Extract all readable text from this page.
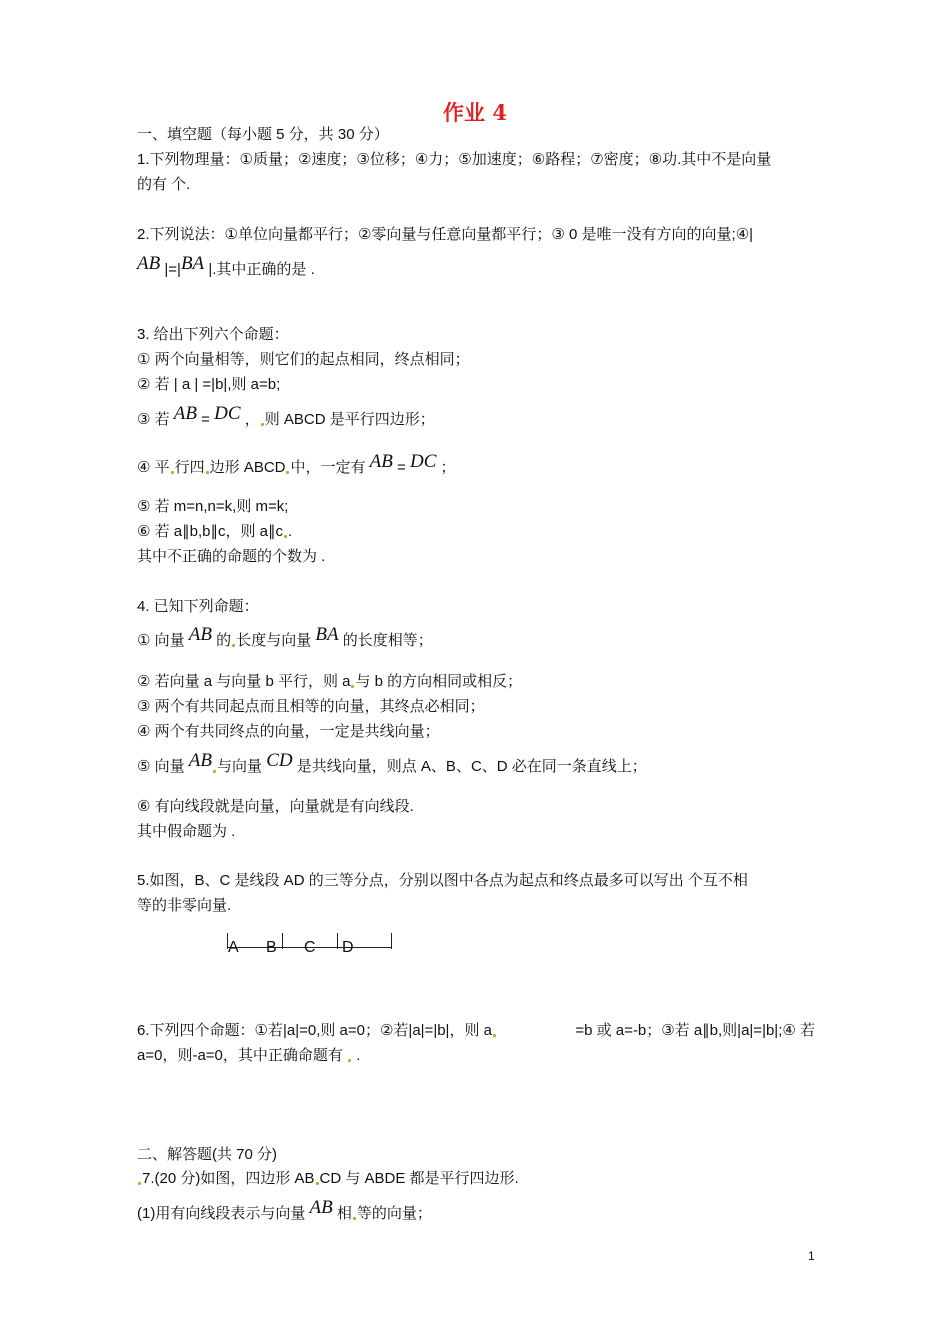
作业 4
一、填空题（每小题 5 分，共 30 分）
1.下列物理量：①质量；②速度；③位移；④力；⑤加速度；⑥路程；⑦密度；⑧功.其中不是向量
的有 个.
2.下列说法：①单位向量都平行；②零向量与任意向量都平行；③ 0 是唯一没有方向的向量;④|
AB |=|BA |.其中正确的是 .
3. 给出下列六个命题：
① 两个向量相等，则它们的起点相同，终点相同；
② 若 | a | =|b|,则 a=b;
③ 若 AB = DC ， 则 ABCD 是平行四边形；
④ 平 行四 边形 ABCD 中，一定有 AB = DC ；
⑤ 若 m=n,n=k,则 m=k;
⑥ 若 a∥b,b∥c，则 a∥c .
其中不正确的命题的个数为 .
4. 已知下列命题：
① 向量 AB 的 长度与向量 BA 的长度相等；
② 若向量 a 与向量 b 平行，则 a 与 b 的方向相同或相反；
③ 两个有共同起点而且相等的向量，其终点必相同；
④ 两个有共同终点的向量，一定是共线向量；
⑤ 向量 AB 与向量 CD 是共线向量，则点 A、B、C、D 必在同一条直线上；
⑥ 有向线段就是向量，向量就是有向线段.
其中假命题为 .
5.如图，B、C 是线段 AD 的三等分点，分别以图中各点为起点和终点最多可以写出 个互不相
等的非零向量.
A B C D
6.下列四个命题：①若|a|=0,则 a=0；②若|a|=|b|，则 a	=b 或 a=-b；③若 a∥b,则|a|=|b|;④ 若
a=0，则-a=0，其中正确命题有  .
二、解答题(共 70 分)
7.(20 分)如图，四边形 AB CD 与 ABDE 都是平行四边形.
(1)用有向线段表示与向量 AB 相 等的向量；
1
